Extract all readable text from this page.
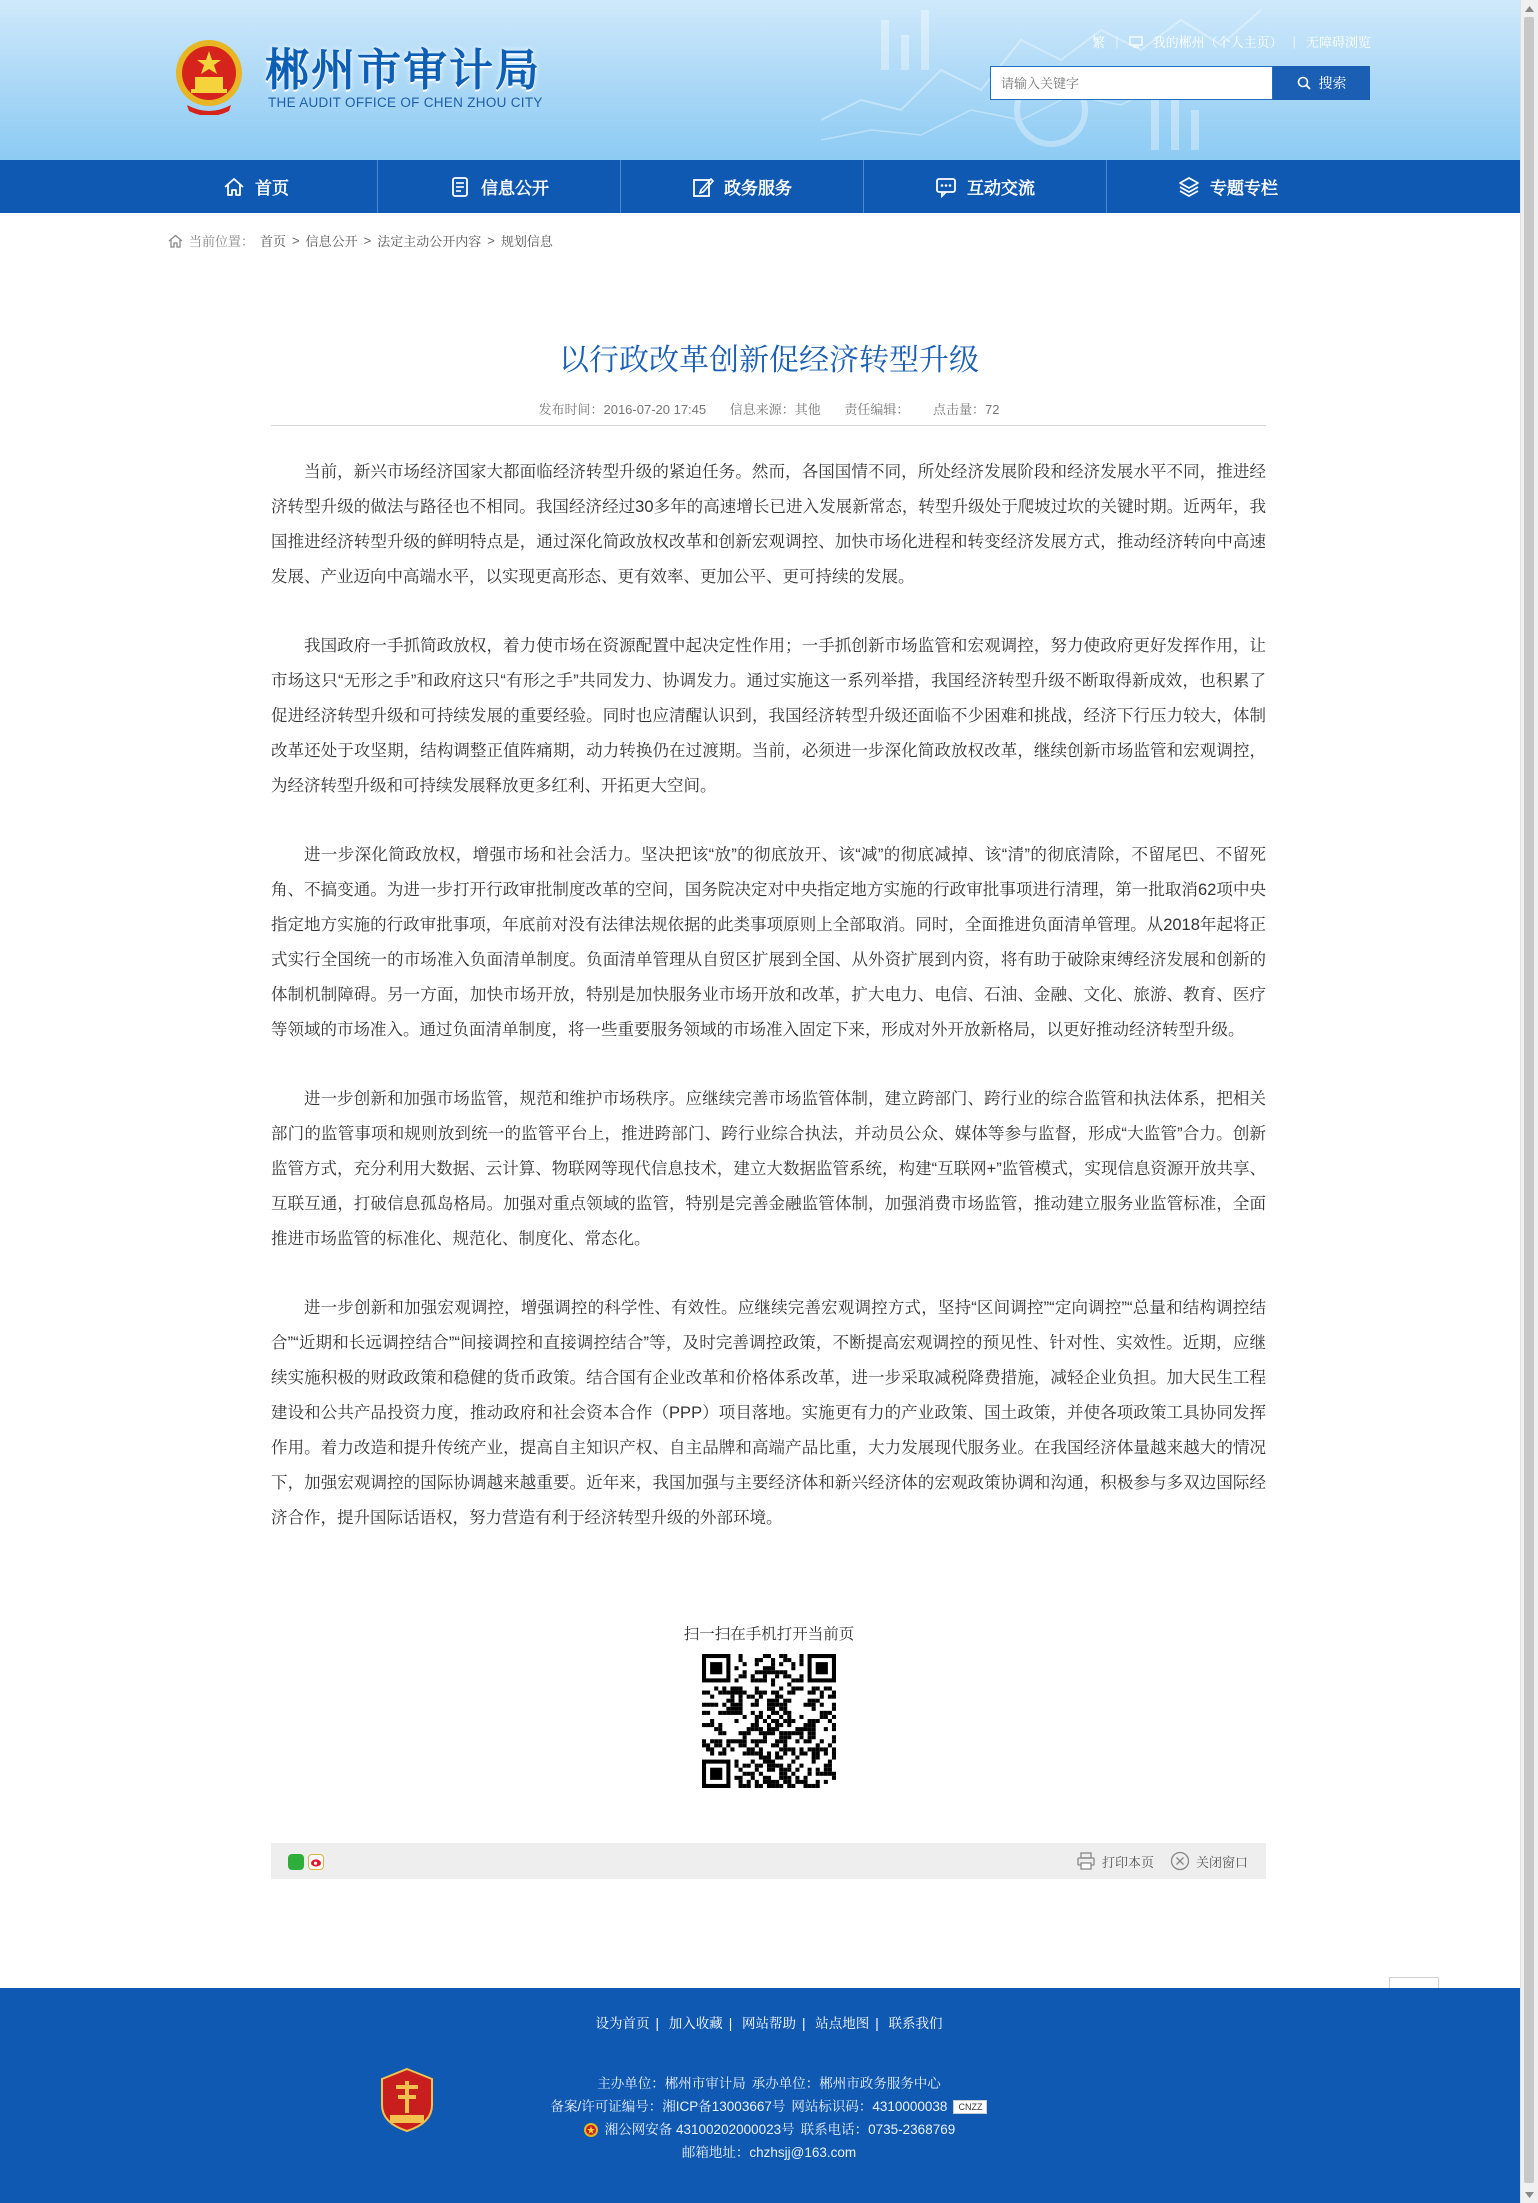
郴州市审计局
THE AUDIT OFFICE OF CHEN ZHOU CITY
繁 |	我的郴州（个人主页） | 无障碍浏览
请输入关键字
搜索
首页	信息公开	政务服务	互动交流	专题专栏
当前位置： 首页 > 信息公开 > 法定主动公开内容 > 规划信息
以行政改革创新促经济转型升级
发布时间：2016-07-20 17:45 信息来源：其他 责任编辑： 点击量：72

当前，新兴市场经济国家大都面临经济转型升级的紧迫任务。然而，各国国情不同，所处经济发展阶段和经济发展水平不同，推进经济转型升级的做法与路径也不相同。我国经济经过30多年的高速增长已进入发展新常态，转型升级处于爬坡过坎的关键时期。近两年，我国推进经济转型升级的鲜明特点是，通过深化简政放权改革和创新宏观调控、加快市场化进程和转变经济发展方式，推动经济转向中高速发展、产业迈向中高端水平，以实现更高形态、更有效率、更加公平、更可持续的发展。

我国政府一手抓简政放权，着力使市场在资源配置中起决定性作用；一手抓创新市场监管和宏观调控，努力使政府更好发挥作用，让市场这只“无形之手”和政府这只“有形之手”共同发力、协调发力。通过实施这一系列举措，我国经济转型升级不断取得新成效，也积累了促进经济转型升级和可持续发展的重要经验。同时也应清醒认识到，我国经济转型升级还面临不少困难和挑战，经济下行压力较大，体制改革还处于攻坚期，结构调整正值阵痛期，动力转换仍在过渡期。当前，必须进一步深化简政放权改革，继续创新市场监管和宏观调控，为经济转型升级和可持续发展释放更多红利、开拓更大空间。

进一步深化简政放权，增强市场和社会活力。坚决把该“放”的彻底放开、该“减”的彻底减掉、该“清”的彻底清除，不留尾巴、不留死角、不搞变通。为进一步打开行政审批制度改革的空间，国务院决定对中央指定地方实施的行政审批事项进行清理，第一批取消62项中央指定地方实施的行政审批事项，年底前对没有法律法规依据的此类事项原则上全部取消。同时，全面推进负面清单管理。从2018年起将正式实行全国统一的市场准入负面清单制度。负面清单管理从自贸区扩展到全国、从外资扩展到内资，将有助于破除束缚经济发展和创新的体制机制障碍。另一方面，加快市场开放，特别是加快服务业市场开放和改革，扩大电力、电信、石油、金融、文化、旅游、教育、医疗等领域的市场准入。通过负面清单制度，将一些重要服务领域的市场准入固定下来，形成对外开放新格局，以更好推动经济转型升级。

进一步创新和加强市场监管，规范和维护市场秩序。应继续完善市场监管体制，建立跨部门、跨行业的综合监管和执法体系，把相关部门的监管事项和规则放到统一的监管平台上，推进跨部门、跨行业综合执法，并动员公众、媒体等参与监督，形成“大监管”合力。创新监管方式，充分利用大数据、云计算、物联网等现代信息技术，建立大数据监管系统，构建“互联网+”监管模式，实现信息资源开放共享、互联互通，打破信息孤岛格局。加强对重点领域的监管，特别是完善金融监管体制，加强消费市场监管，推动建立服务业监管标准，全面推进市场监管的标准化、规范化、制度化、常态化。

进一步创新和加强宏观调控，增强调控的科学性、有效性。应继续完善宏观调控方式，坚持“区间调控”“定向调控”“总量和结构调控结合”“近期和长远调控结合”“间接调控和直接调控结合”等，及时完善调控政策，不断提高宏观调控的预见性、针对性、实效性。近期，应继续实施积极的财政政策和稳健的货币政策。结合国有企业改革和价格体系改革，进一步采取减税降费措施，减轻企业负担。加大民生工程建设和公共产品投资力度，推动政府和社会资本合作（PPP）项目落地。实施更有力的产业政策、国土政策，并使各项政策工具协同发挥作用。着力改造和提升传统产业，提高自主知识产权、自主品牌和高端产品比重，大力发展现代服务业。在我国经济体量越来越大的情况下，加强宏观调控的国际协调越来越重要。近年来，我国加强与主要经济体和新兴经济体的宏观政策协调和沟通，积极参与多双边国际经济合作，提升国际话语权，努力营造有利于经济转型升级的外部环境。

扫一扫在手机打开当前页
打印本页	关闭窗口
设为首页 | 加入收藏 | 网站帮助 | 站点地图 | 联系我们
主办单位：郴州市审计局 承办单位：郴州市政务服务中心
备案/许可证编号：湘ICP备13003667号 网站标识码：4310000038	CNZZ
湘公网安备 43100202000023号 联系电话：0735-2368769
邮箱地址：chzhsjj@163.com
